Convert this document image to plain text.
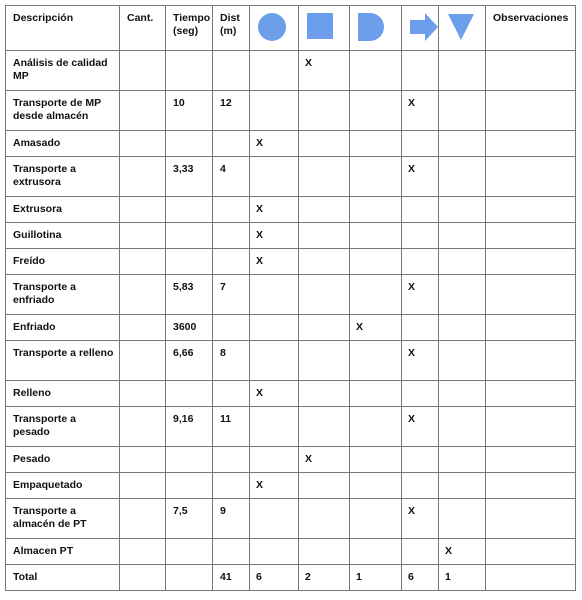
Descripción	Cant.	Tiempo (seg)	Dist (m)						Observaciones
Análisis de calidad MP					X				
Transporte de MP desde almacén		10	12				X		
Amasado				X					
Transporte a extrusora		3,33	4				X		
Extrusora				X					
Guillotina				X					
Freído				X					
Transporte a enfriado		5,83	7				X		
Enfriado		3600				X			
Transporte a relleno		6,66	8				X		
Relleno				X					
Transporte a pesado		9,16	11				X		
Pesado					X				
Empaquetado				X					
Transporte a almacén de PT		7,5	9				X		
Almacen PT								X	
Total			41	6	2	1	6	1	
